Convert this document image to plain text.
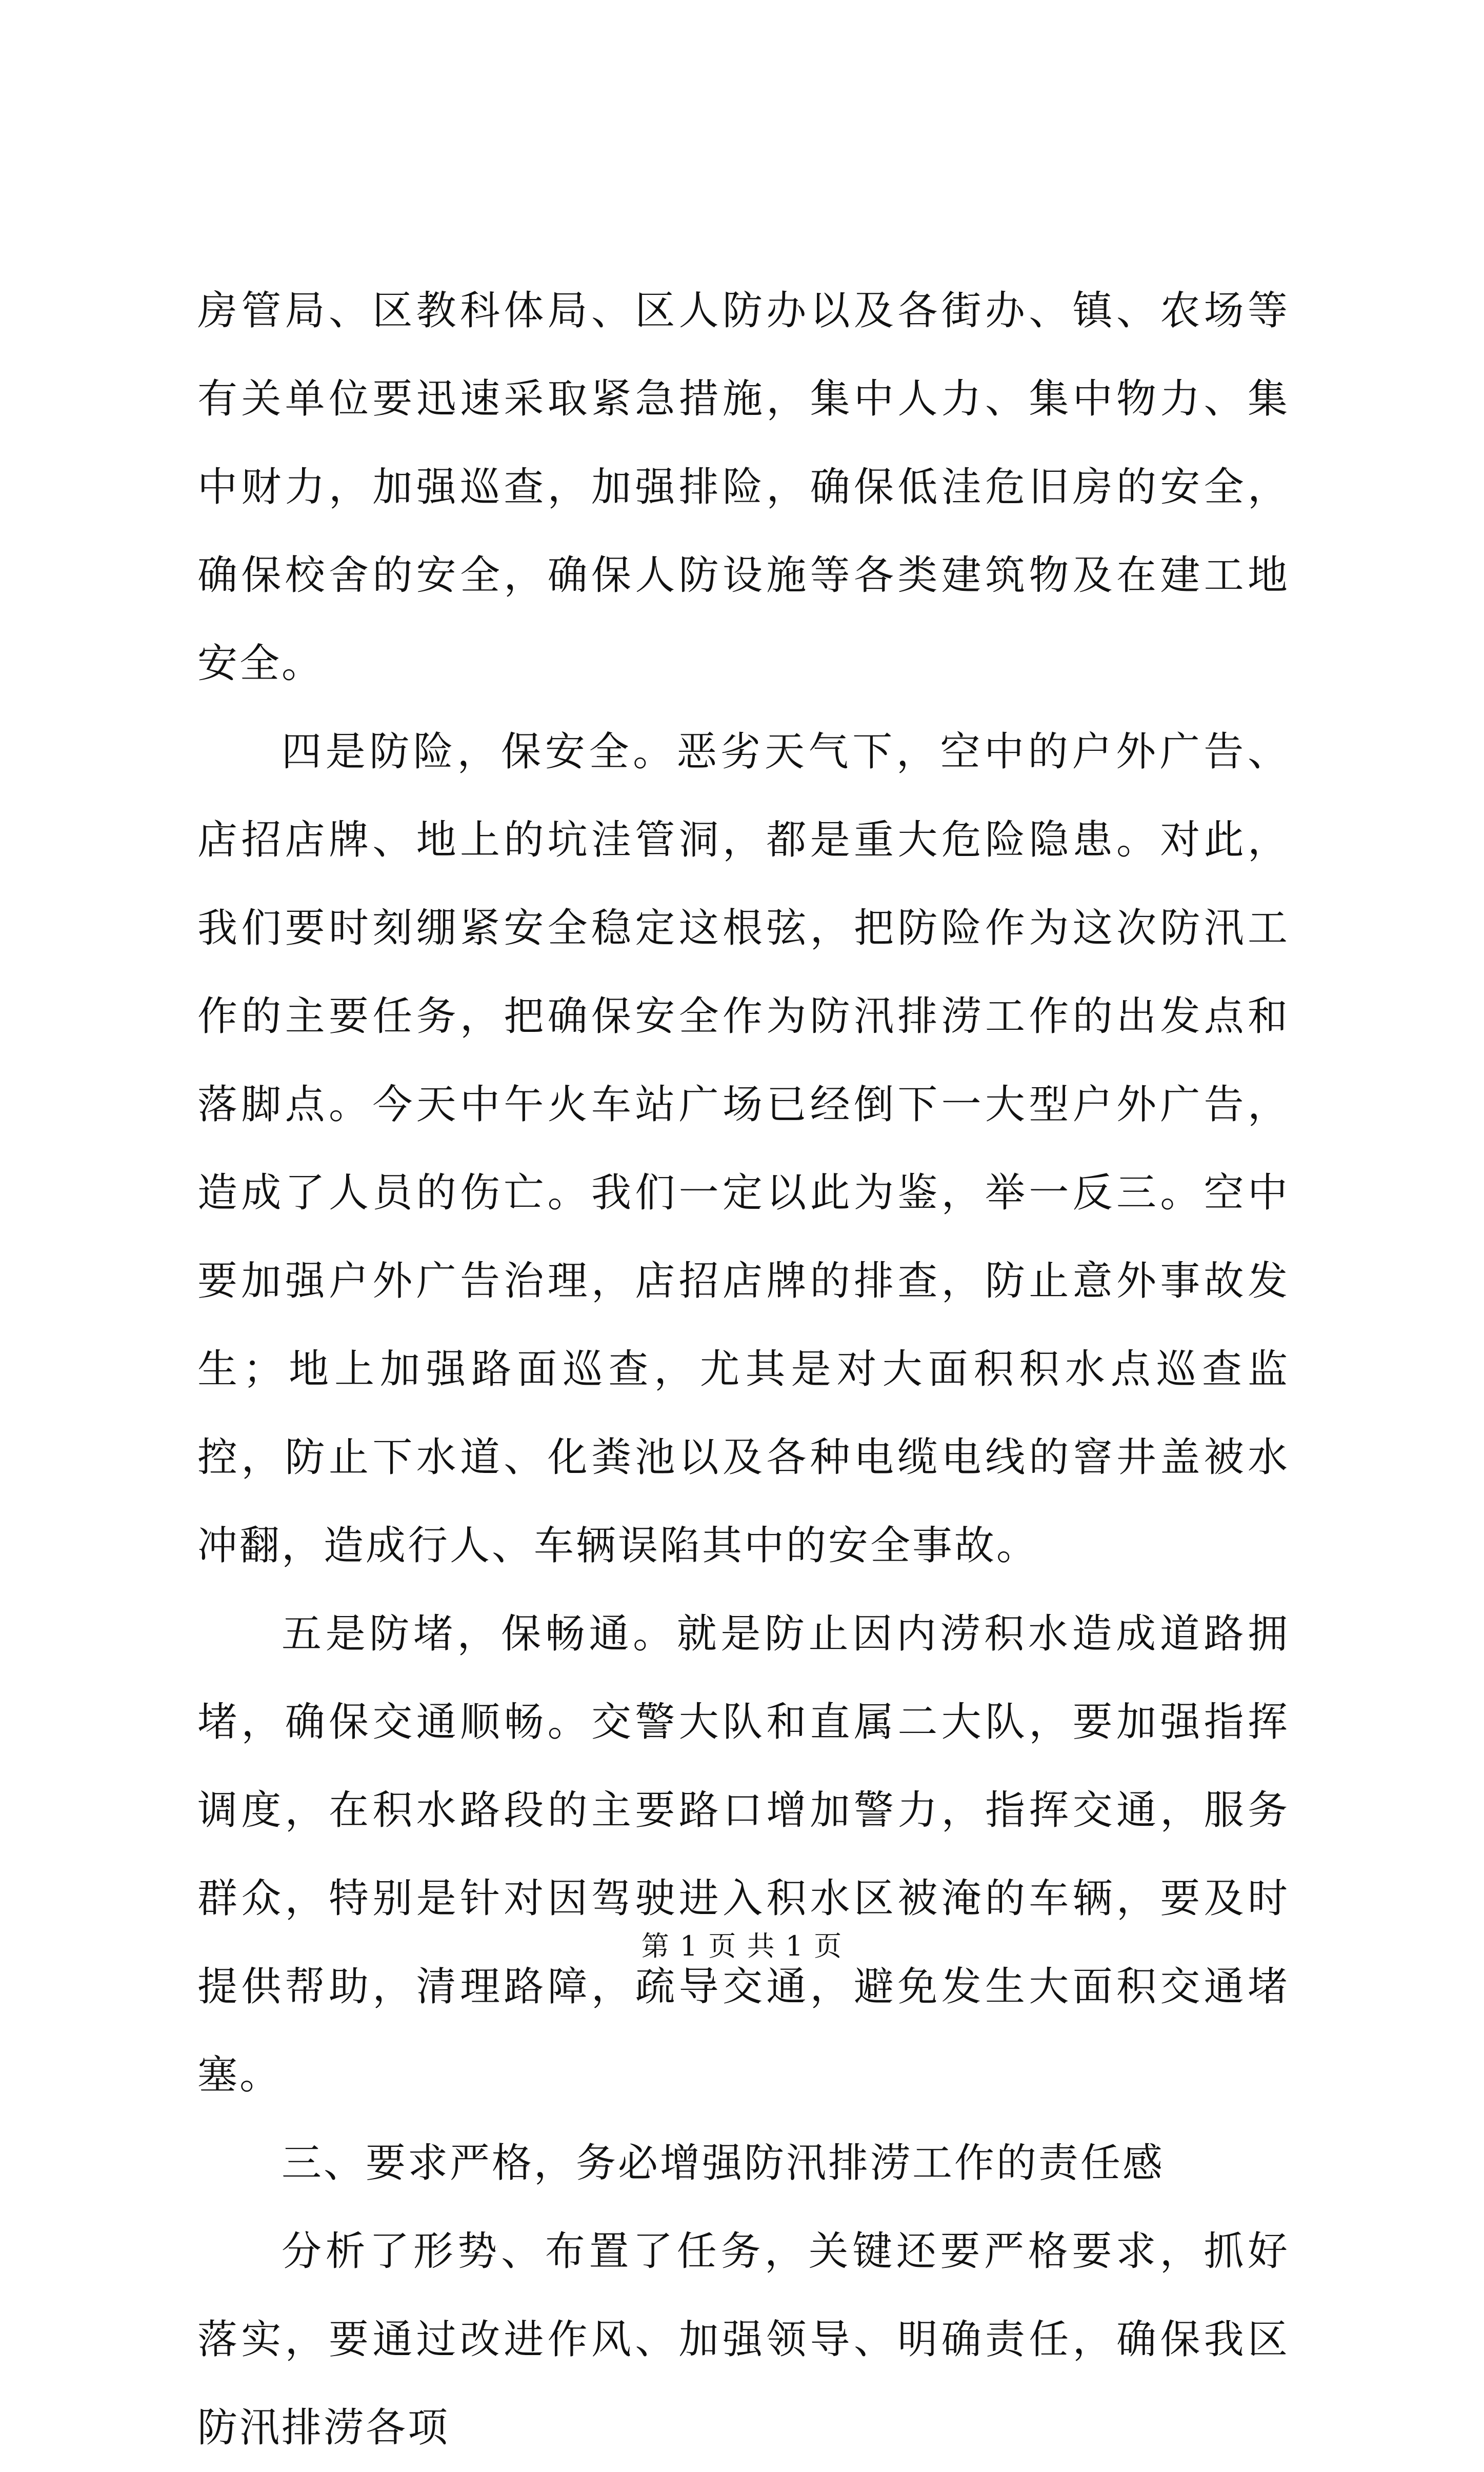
房管局、区教科体局、区人防办以及各街办、镇、农场等有关单位要迅速采取紧急措施，集中人力、集中物力、集中财力，加强巡查，加强排险，确保低洼危旧房的安全，确保校舍的安全，确保人防设施等各类建筑物及在建工地安全。

四是防险，保安全。恶劣天气下，空中的户外广告、店招店牌、地上的坑洼管洞，都是重大危险隐患。对此，我们要时刻绷紧安全稳定这根弦，把防险作为这次防汛工作的主要任务，把确保安全作为防汛排涝工作的出发点和落脚点。今天中午火车站广场已经倒下一大型户外广告，造成了人员的伤亡。我们一定以此为鉴，举一反三。空中要加强户外广告治理，店招店牌的排查，防止意外事故发生；地上加强路面巡查，尤其是对大面积积水点巡查监控，防止下水道、化粪池以及各种电缆电线的窨井盖被水冲翻，造成行人、车辆误陷其中的安全事故。

五是防堵，保畅通。就是防止因内涝积水造成道路拥堵，确保交通顺畅。交警大队和直属二大队，要加强指挥调度，在积水路段的主要路口增加警力，指挥交通，服务群众，特别是针对因驾驶进入积水区被淹的车辆，要及时提供帮助，清理路障，疏导交通，避免发生大面积交通堵塞。

三、要求严格，务必增强防汛排涝工作的责任感

分析了形势、布置了任务，关键还要严格要求，抓好落实，要通过改进作风、加强领导、明确责任，确保我区防汛排涝各项

第 1 页 共 1 页
